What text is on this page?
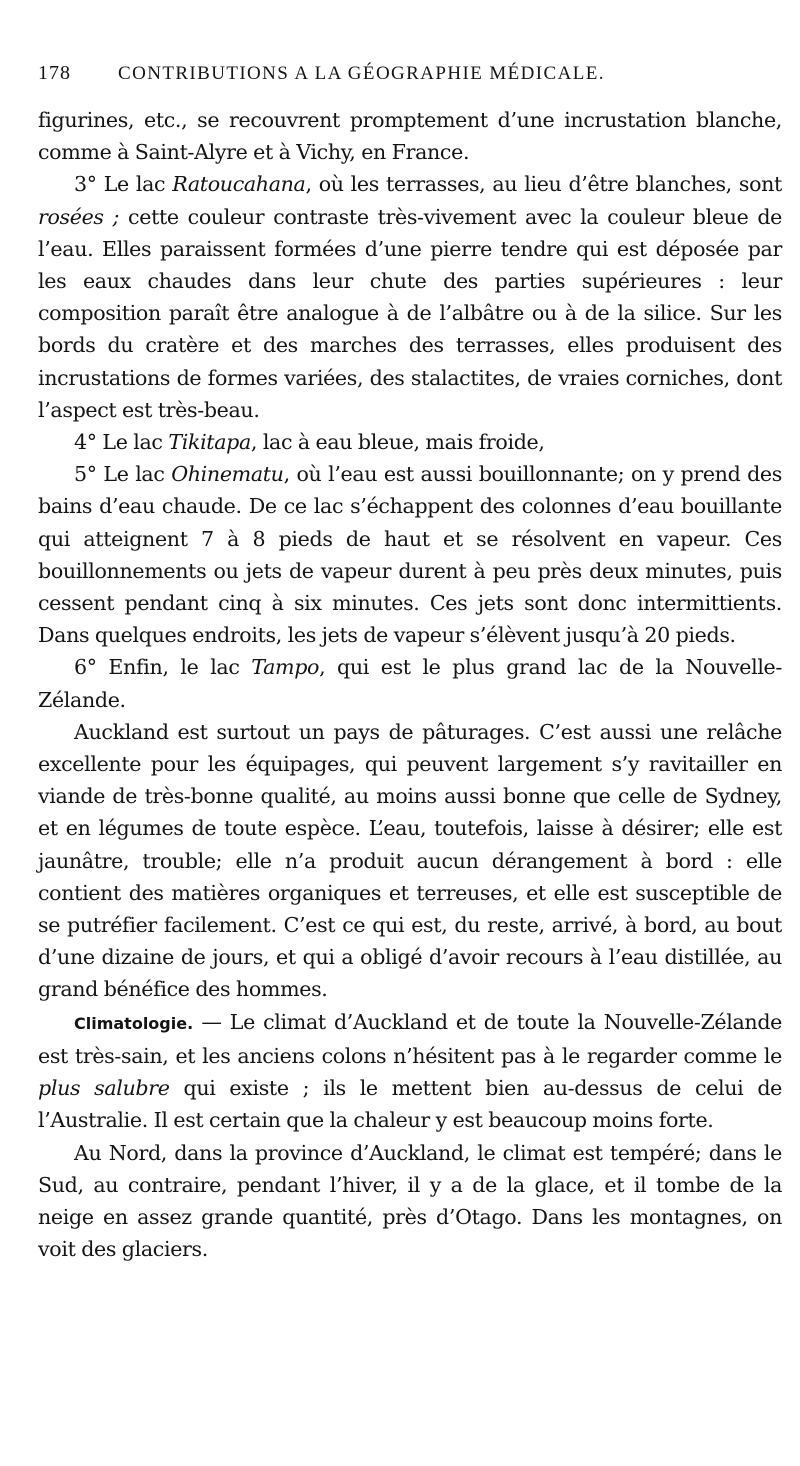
178	CONTRIBUTIONS A LA GÉOGRAPHIE MÉDICALE.

figurines, etc., se recouvrent promptement d’une incrustation blanche, comme à Saint-Alyre et à Vichy, en France.

3° Le lac Ratoucahana, où les terrasses, au lieu d’être blanches, sont rosées ; cette couleur contraste très-vivement avec la couleur bleue de l’eau. Elles paraissent formées d’une pierre tendre qui est déposée par les eaux chaudes dans leur chute des parties supérieures : leur composition paraît être analogue à de l’albâtre ou à de la silice. Sur les bords du cratère et des marches des terrasses, elles produisent des incrustations de formes variées, des stalactites, de vraies corniches, dont l’aspect est très-beau.

4° Le lac Tikitapa, lac à eau bleue, mais froide,

5° Le lac Ohinematu, où l’eau est aussi bouillonnante; on y prend des bains d’eau chaude. De ce lac s’échappent des colonnes d’eau bouillante qui atteignent 7 à 8 pieds de haut et se résolvent en vapeur. Ces bouillonnements ou jets de vapeur durent à peu près deux minutes, puis cessent pendant cinq à six minutes. Ces jets sont donc intermittients. Dans quelques endroits, les jets de vapeur s’élèvent jusqu’à 20 pieds.

6° Enfin, le lac Tampo, qui est le plus grand lac de la Nouvelle-Zélande.

Auckland est surtout un pays de pâturages. C’est aussi une relâche excellente pour les équipages, qui peuvent largement s’y ravitailler en viande de très-bonne qualité, au moins aussi bonne que celle de Sydney, et en légumes de toute espèce. L’eau, toutefois, laisse à désirer; elle est jaunâtre, trouble; elle n’a produit aucun dérangement à bord : elle contient des matières organiques et terreuses, et elle est susceptible de se putréfier facilement. C’est ce qui est, du reste, arrivé, à bord, au bout d’une dizaine de jours, et qui a obligé d’avoir recours à l’eau distillée, au grand bénéfice des hommes.

Climatologie. — Le climat d’Auckland et de toute la Nouvelle-Zélande est très-sain, et les anciens colons n’hésitent pas à le regarder comme le plus salubre qui existe ; ils le mettent bien au-dessus de celui de l’Australie. Il est certain que la chaleur y est beaucoup moins forte.

Au Nord, dans la province d’Auckland, le climat est tempéré; dans le Sud, au contraire, pendant l’hiver, il y a de la glace, et il tombe de la neige en assez grande quantité, près d’Otago. Dans les montagnes, on voit des glaciers.
